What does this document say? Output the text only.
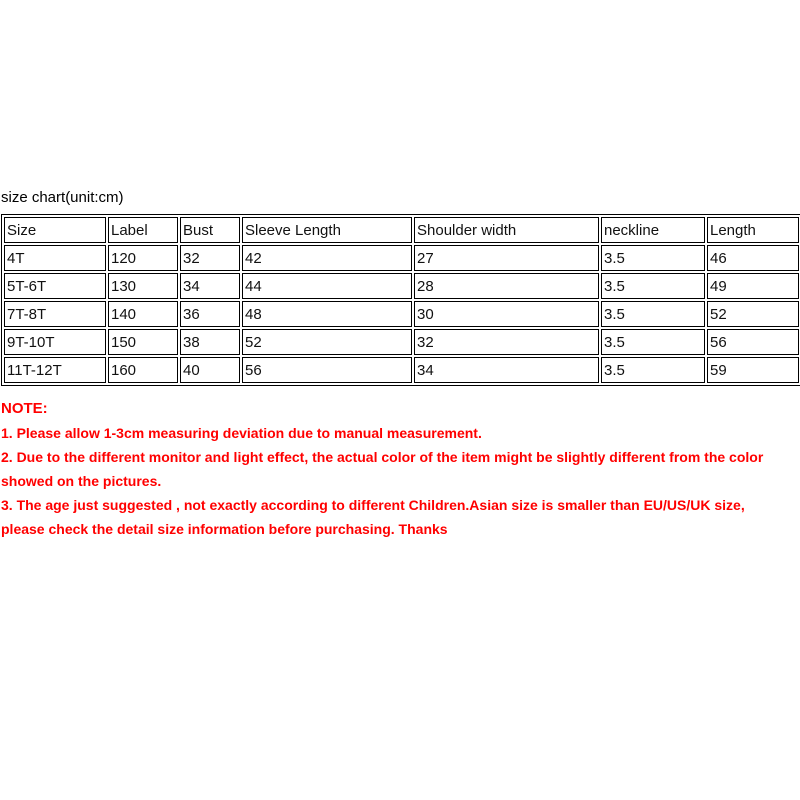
size chart(unit:cm)
Size	Label	Bust	Sleeve Length	Shoulder width	neckline	Length
4T	120	32	42	27	3.5	46
5T-6T	130	34	44	28	3.5	49
7T-8T	140	36	48	30	3.5	52
9T-10T	150	38	52	32	3.5	56
11T-12T	160	40	56	34	3.5	59

NOTE:

1. Please allow 1-3cm measuring deviation due to manual measurement.

2. Due to the different monitor and light effect, the actual color of the item might be slightly different from the color showed on the pictures.

3. The age just suggested , not exactly according to different Children.Asian size is smaller than EU/US/UK size, please check the detail size information before purchasing. Thanks
